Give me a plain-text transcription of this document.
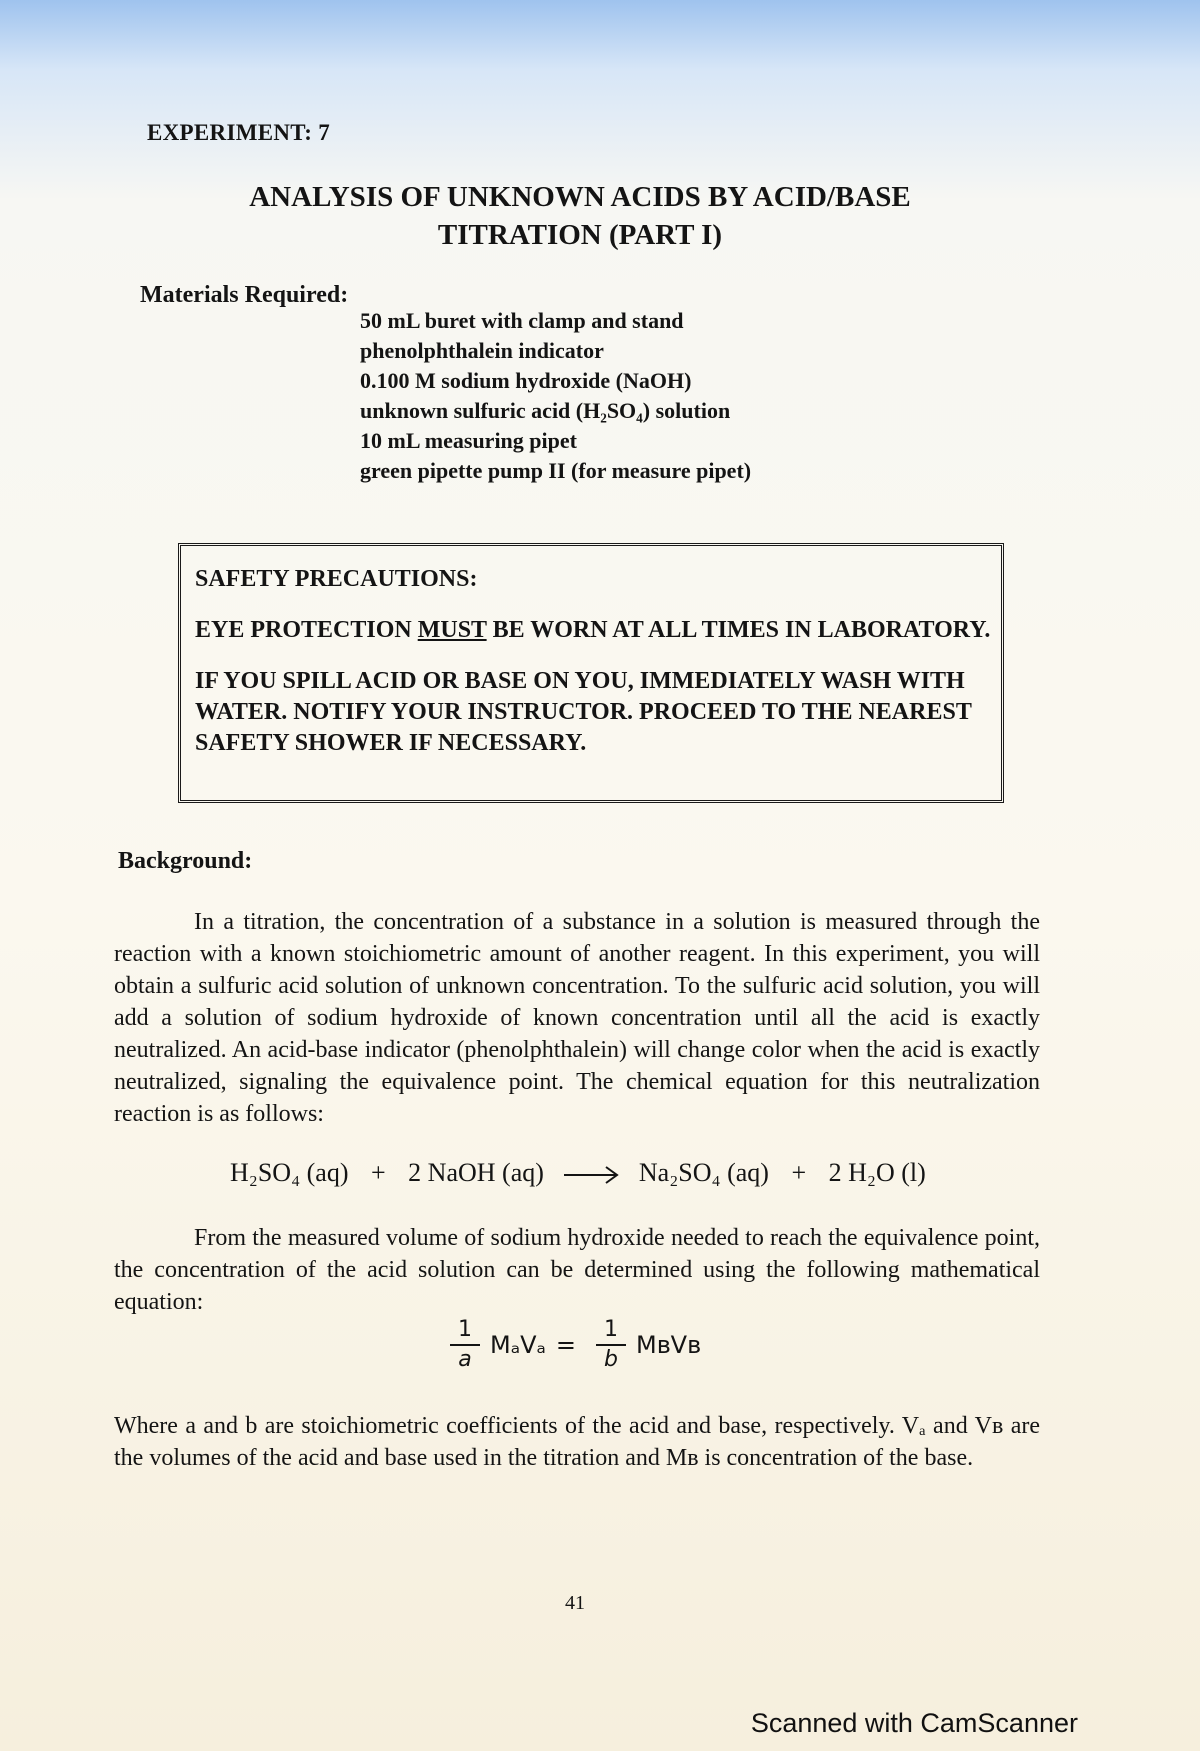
EXPERIMENT: 7
ANALYSIS OF UNKNOWN ACIDS BY ACID/BASE
TITRATION (PART I)
Materials Required:
50 mL buret with clamp and stand
phenolphthalein indicator
0.100 M sodium hydroxide (NaOH)
unknown sulfuric acid (H₂SO₄) solution
10 mL measuring pipet
green pipette pump II (for measure pipet)

SAFETY PRECAUTIONS:

EYE PROTECTION MUST BE WORN AT ALL TIMES IN LABORATORY.

IF YOU SPILL ACID OR BASE ON YOU, IMMEDIATELY WASH WITH WATER. NOTIFY YOUR INSTRUCTOR. PROCEED TO THE NEAREST SAFETY SHOWER IF NECESSARY.

Background:

In a titration, the concentration of a substance in a solution is measured through the reaction with a known stoichiometric amount of another reagent. In this experiment, you will obtain a sulfuric acid solution of unknown concentration. To the sulfuric acid solution, you will add a solution of sodium hydroxide of known concentration until all the acid is exactly neutralized. An acid-base indicator (phenolphthalein) will change color when the acid is exactly neutralized, signaling the equivalence point. The chemical equation for this neutralization reaction is as follows:

H₂SO₄ (aq) + 2 NaOH (aq) → Na₂SO₄ (aq) + 2 H₂O (l)

From the measured volume of sodium hydroxide needed to reach the equivalence point, the concentration of the acid solution can be determined using the following mathematical equation:

$\frac{1}{a}$ $M_aV_a = \frac{1}{b}$ MʙVʙ

Where a and b are stoichiometric coefficients of the acid and base, respectively. Vₐ and Vʙ are the volumes of the acid and base used in the titration and Mʙ is concentration of the base.

41
Scanned with CamScanner
